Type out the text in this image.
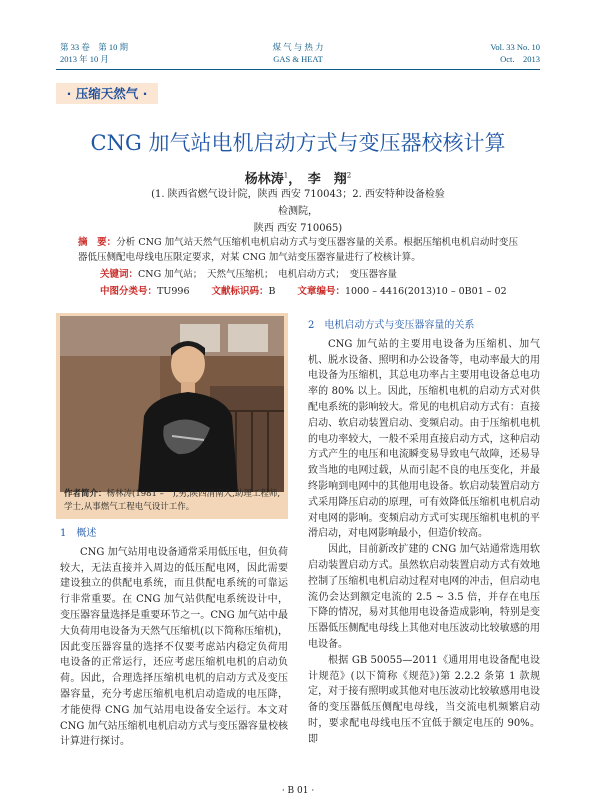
第 33 卷　第 10 期
2013 年 10 月
煤 气 与 热 力
GAS & HEAT
Vol. 33 No. 10
Oct.　2013
· 压缩天然气 ·
CNG 加气站电机启动方式与变压器校核计算
杨林涛$^1$，　李　翔$^2$
(1. 陕西省燃气设计院，陕西 西安 710043；2. 西安特种设备检验检测院，
陕西 西安 710065)
摘　要：分析 CNG 加气站天然气压缩机电机启动方式与变压器容量的关系。根据压缩机电机启动时变压器低压侧配电母线电压限定要求，对某 CNG 加气站变压器容量进行了校核计算。
关键词：CNG 加气站；　天然气压缩机；　电机启动方式；　变压器容量
中图分类号：TU996 文献标识码：B 文章编号：1000 – 4416(2013)10 – 0B01 – 02
作者简介：杨林涛(1981 –　),男,陕西渭南人,助理工程师,学士,从事燃气工程电气设计工作。
1　概述

CNG 加气站用电设备通常采用低压电，但负荷较大，无法直接并入周边的低压配电网，因此需要建设独立的供配电系统，而且供配电系统的可靠运行非常重要。在 CNG 加气站供配电系统设计中，变压器容量选择是重要环节之一。CNG 加气站中最大负荷用电设备为天然气压缩机(以下简称压缩机)，因此变压器容量的选择不仅要考虑站内稳定负荷用电设备的正常运行，还应考虑压缩机电机的启动负荷。因此，合理选择压缩机电机的启动方式及变压器容量，充分考虑压缩机电机启动造成的电压降，才能使得 CNG 加气站用电设备安全运行。本文对 CNG 加气站压缩机电机启动方式与变压器容量校核计算进行探讨。

2　电机启动方式与变压器容量的关系

CNG 加气站的主要用电设备为压缩机、加气机、脱水设备、照明和办公设备等，电动率最大的用电设备为压缩机，其总电功率占主要用电设备总电功率的 80% 以上。因此，压缩机电机的启动方式对供配电系统的影响较大。常见的电机启动方式有：直接启动、软启动装置启动、变频启动。由于压缩机电机的电功率较大，一般不采用直接启动方式，这种启动方式产生的电压和电流瞬变易导致电气故障，还易导致当地的电网过载，从而引起不良的电压变化，并最终影响到电网中的其他用电设备。软启动装置启动方式采用降压启动的原理，可有效降低压缩机电机启动对电网的影响。变频启动方式可实现压缩机电机的平滑启动，对电网影响最小，但造价较高。

因此，目前新改扩建的 CNG 加气站通常选用软启动装置启动方式。虽然软启动装置启动方式有效地控制了压缩机电机启动过程对电网的冲击，但启动电流仍会达到额定电流的 2.5 ~ 3.5 倍，并存在电压下降的情况，易对其他用电设备造成影响，特别是变压器低压侧配电母线上其他对电压波动比较敏感的用电设备。

根据 GB 50055—2011《通用用电设备配电设计规范》(以下简称《规范》)第 2.2.2 条第 1 款规定，对于接有照明或其他对电压波动比较敏感用电设备的变压器低压侧配电母线，当交流电机频繁启动时，要求配电母线电压不宜低于额定电压的 90%。即

· B 01 ·
